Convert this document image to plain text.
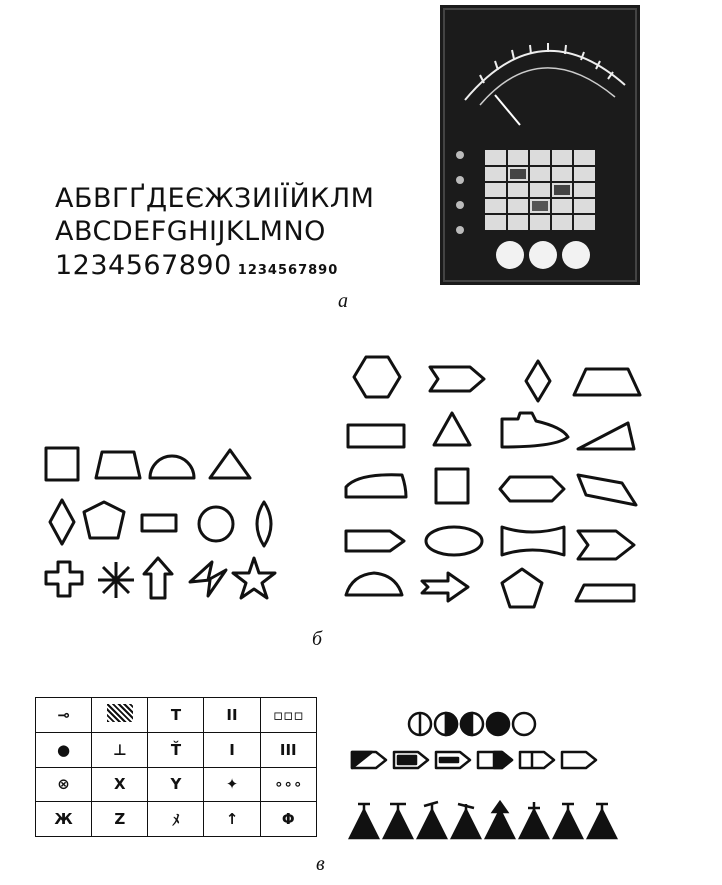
АБВГҐДЕЄЖЗИІЇЙКЛМ
ABCDEFGHIJKLMNO
1234567890 1234567890
а
б
⊸		T	II	▫▫▫
●	⊥	Ť	I	III
⊗	X	Y	✦	∘∘∘
Ж	Z	ﾒ	↑	Φ
в
